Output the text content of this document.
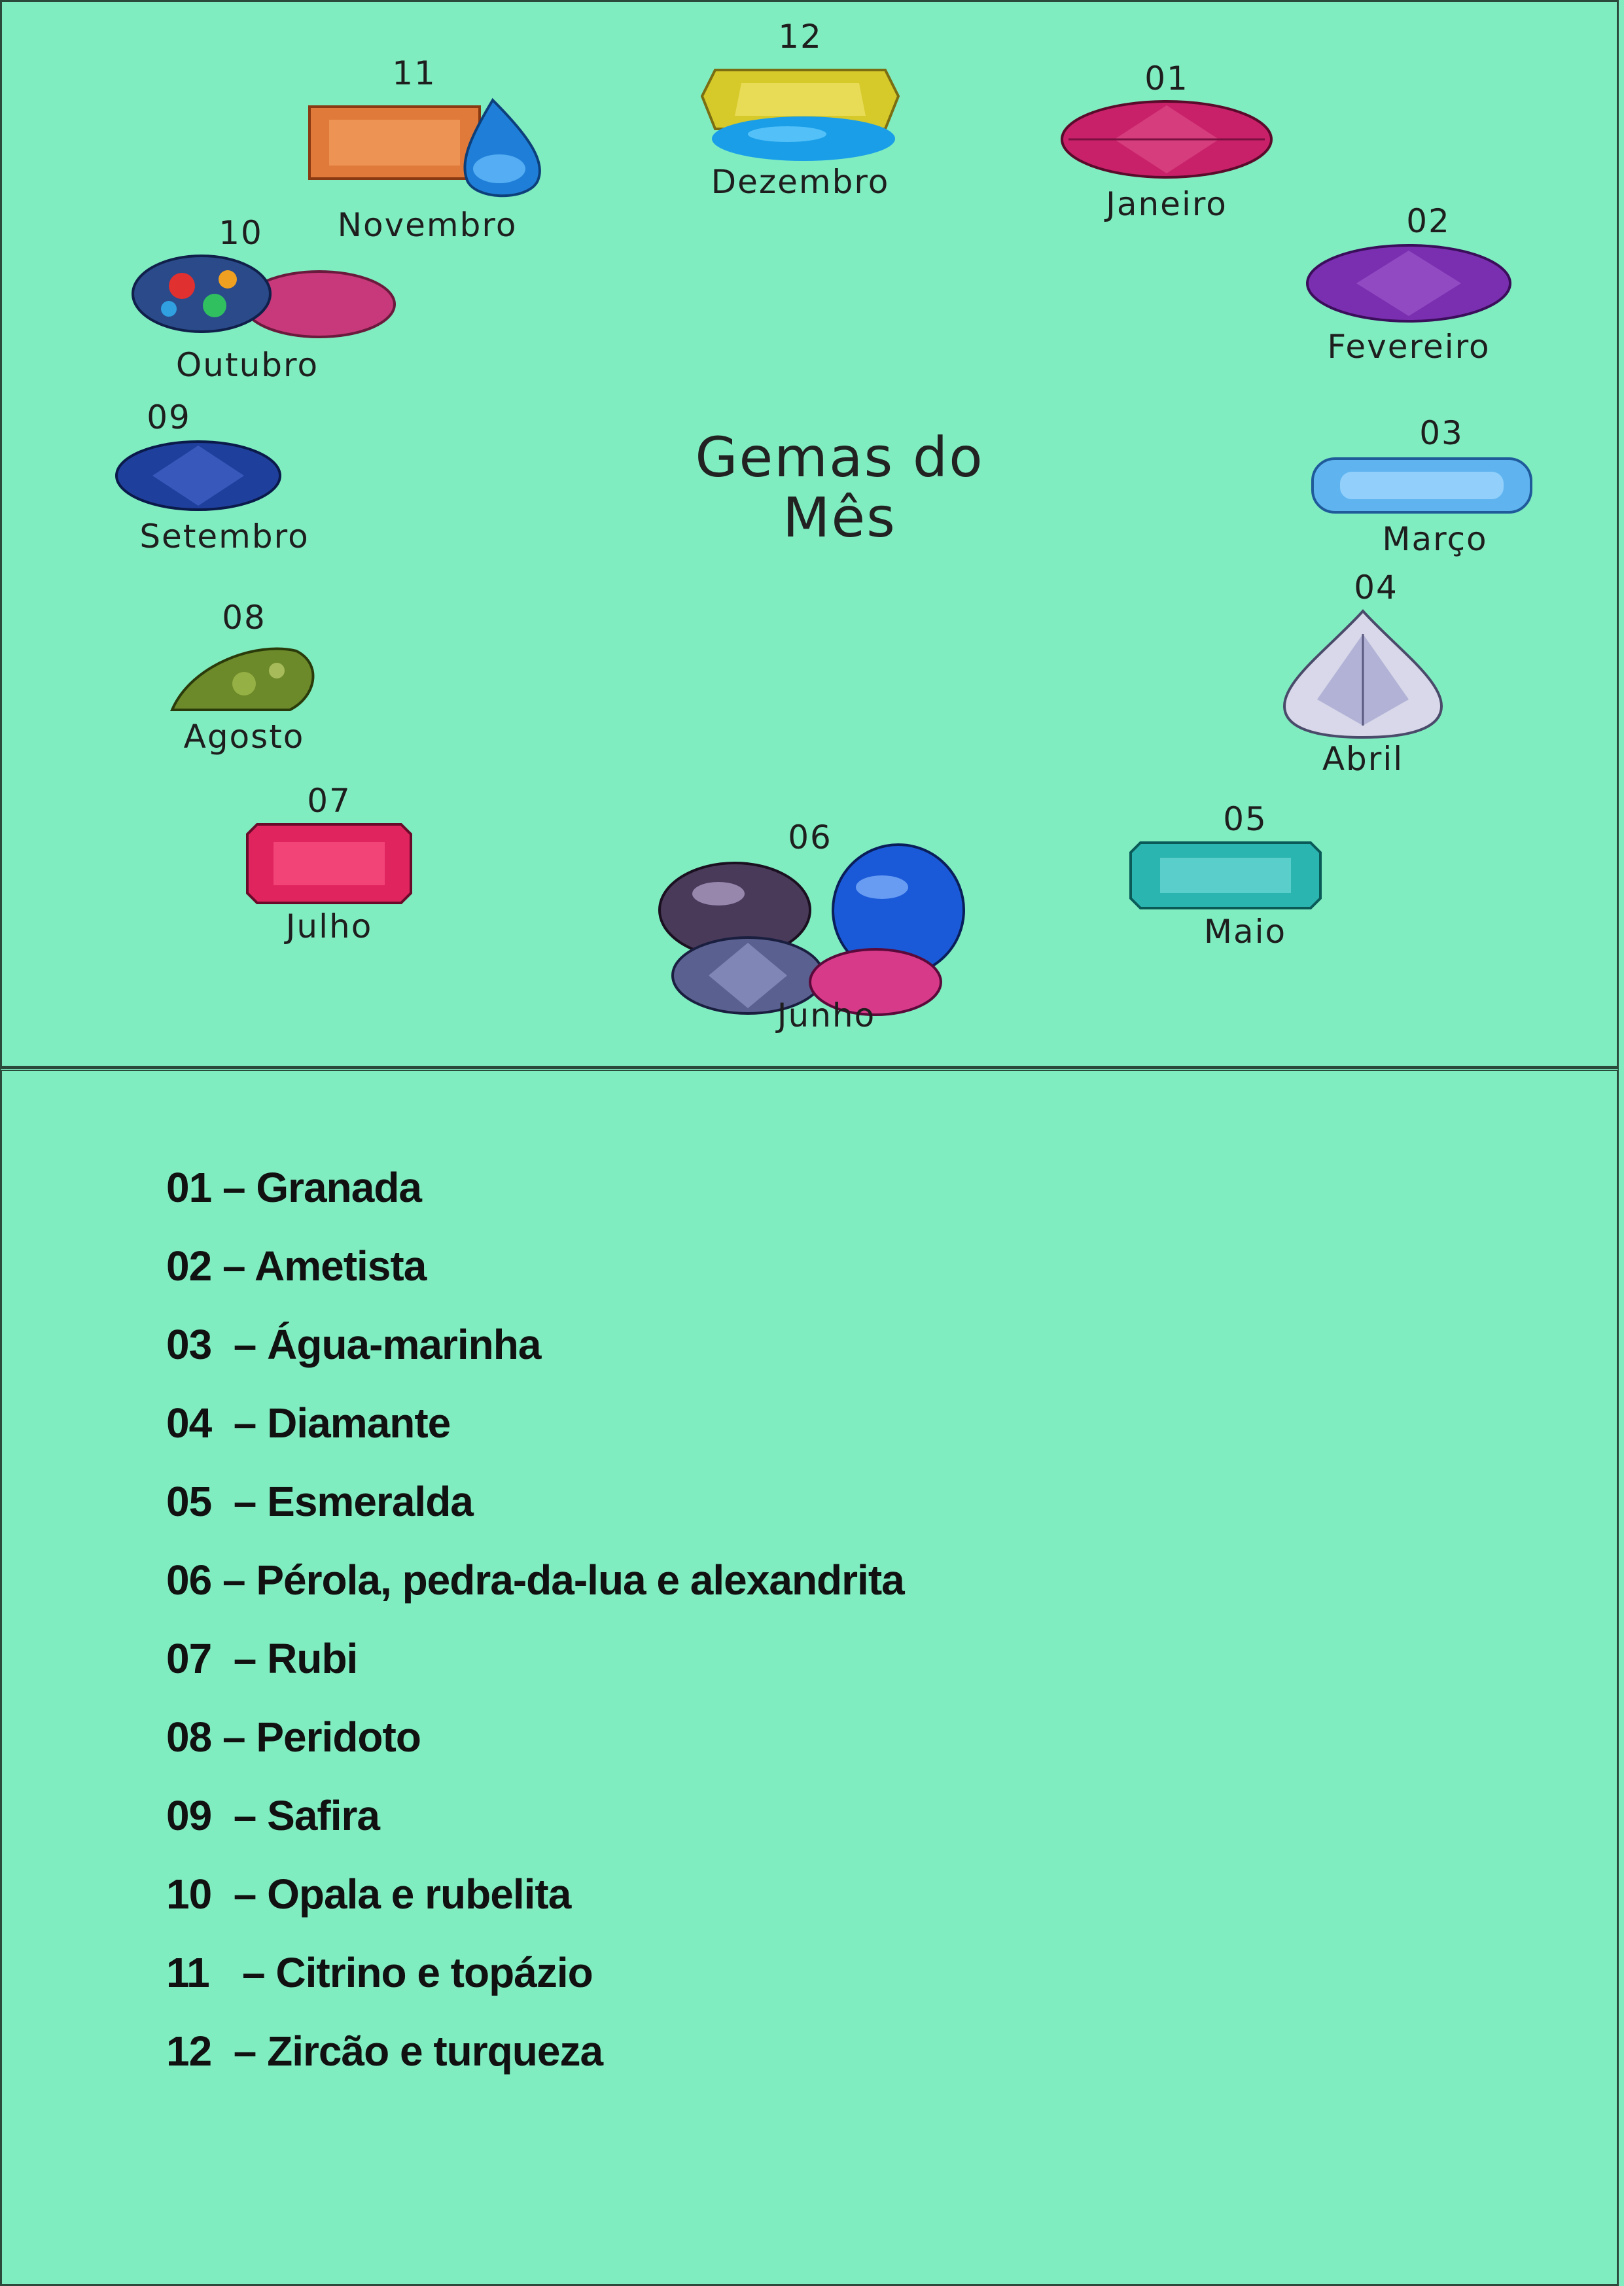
Gemas do
Mês
12
Dezembro
11
Novembro
01
Janeiro
10
Outubro
02
Fevereiro
09
Setembro
03
Março
08
Agosto
04
Abril
07
Julho
05
Maio
06
Junho
01 – Granada
02 – Ametista
03  – Água-marinha
04  – Diamante
05  – Esmeralda
06 – Pérola, pedra-da-lua e alexandrita
07  – Rubi
08 – Peridoto
09  – Safira
10  – Opala e rubelita
11   – Citrino e topázio
12  – Zircão e turqueza
